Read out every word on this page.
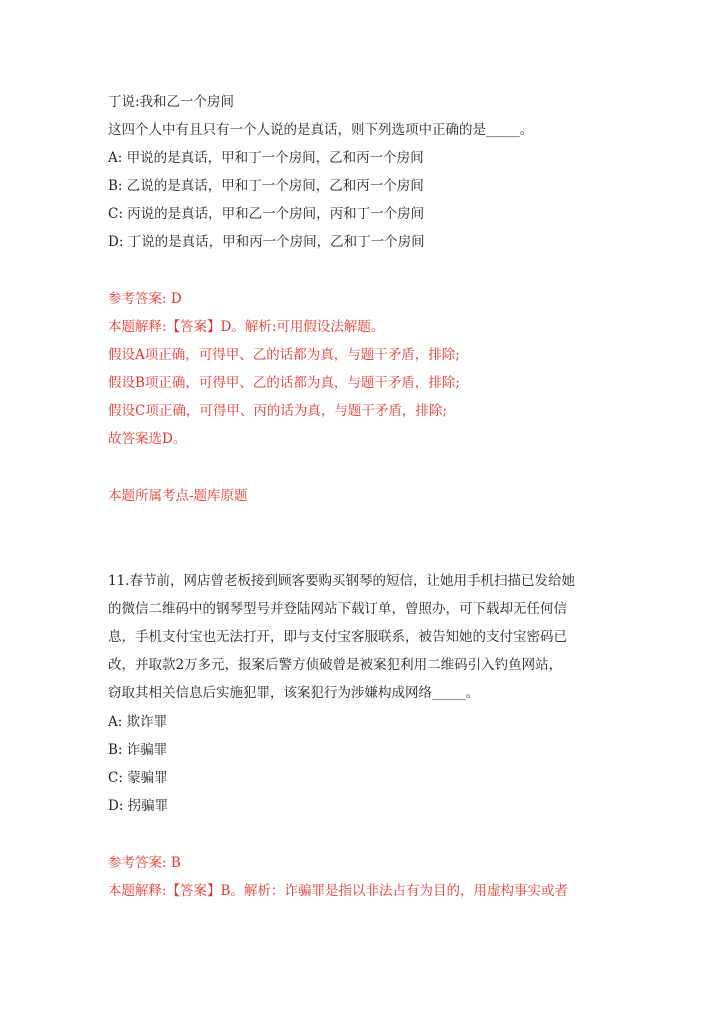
丁说:我和乙一个房间

这四个人中有且只有一个人说的是真话，则下列选项中正确的是_____。

A: 甲说的是真话，甲和丁一个房间，乙和丙一个房间

B: 乙说的是真话，甲和丁一个房间，乙和丙一个房间

C: 丙说的是真话，甲和乙一个房间，丙和丁一个房间

D: 丁说的是真话，甲和丙一个房间，乙和丁一个房间

参考答案: D

本题解释:【答案】D。解析:可用假设法解题。

假设A项正确，可得甲、乙的话都为真，与题干矛盾，排除;

假设B项正确，可得甲、乙的话都为真，与题干矛盾，排除;

假设C项正确，可得甲、丙的话为真，与题干矛盾，排除;

故答案选D。

本题所属考点-题库原题

11.春节前，网店曾老板接到顾客要购买钢琴的短信，让她用手机扫描已发给她

的微信二维码中的钢琴型号并登陆网站下载订单，曾照办，可下载却无任何信

息，手机支付宝也无法打开，即与支付宝客服联系，被告知她的支付宝密码已

改，并取款2万多元，报案后警方侦破曾是被案犯利用二维码引入钓鱼网站，

窃取其相关信息后实施犯罪，该案犯行为涉嫌构成网络_____。

A: 欺诈罪

B: 诈骗罪

C: 蒙骗罪

D: 拐骗罪

参考答案: B

本题解释:【答案】B。解析：诈骗罪是指以非法占有为目的，用虚构事实或者
